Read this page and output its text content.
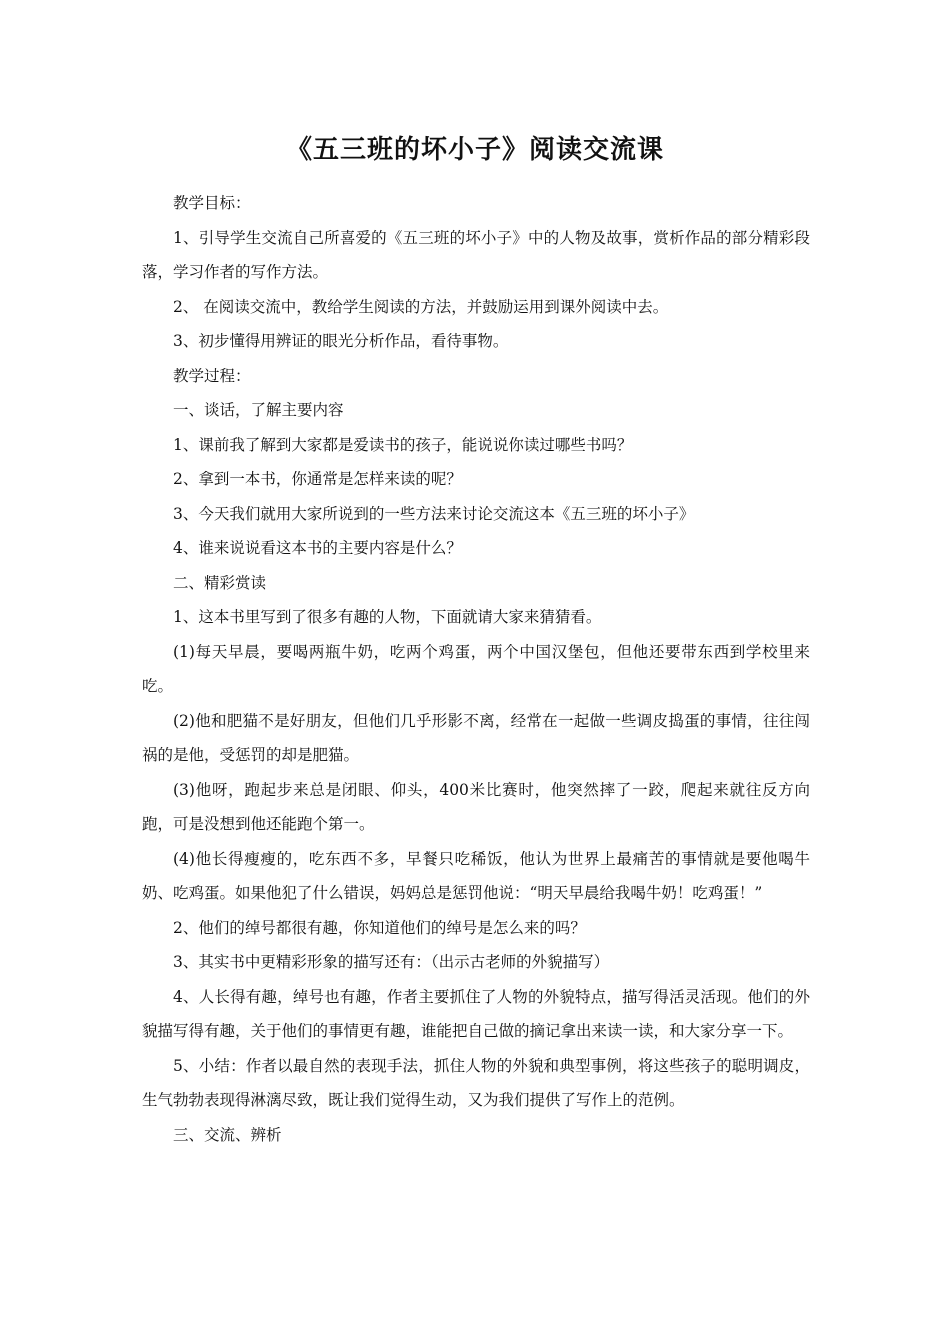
《五三班的坏小子》阅读交流课

教学目标：

1、引导学生交流自己所喜爱的《五三班的坏小子》中的人物及故事，赏析作品的部分精彩段落，学习作者的写作方法。

2、 在阅读交流中，教给学生阅读的方法，并鼓励运用到课外阅读中去。

3、初步懂得用辨证的眼光分析作品，看待事物。

教学过程：

一、谈话，了解主要内容

1、课前我了解到大家都是爱读书的孩子，能说说你读过哪些书吗？

2、拿到一本书，你通常是怎样来读的呢？

3、今天我们就用大家所说到的一些方法来讨论交流这本《五三班的坏小子》

4、谁来说说看这本书的主要内容是什么？

二、精彩赏读

1、这本书里写到了很多有趣的人物，下面就请大家来猜猜看。

(1)每天早晨，要喝两瓶牛奶，吃两个鸡蛋，两个中国汉堡包，但他还要带东西到学校里来吃。

(2)他和肥猫不是好朋友，但他们几乎形影不离，经常在一起做一些调皮捣蛋的事情，往往闯祸的是他，受惩罚的却是肥猫。

(3)他呀，跑起步来总是闭眼、仰头，400米比赛时，他突然摔了一跤，爬起来就往反方向跑，可是没想到他还能跑个第一。

(4)他长得瘦瘦的，吃东西不多，早餐只吃稀饭，他认为世界上最痛苦的事情就是要他喝牛奶、吃鸡蛋。如果他犯了什么错误，妈妈总是惩罚他说：“明天早晨给我喝牛奶！吃鸡蛋！”

2、他们的绰号都很有趣，你知道他们的绰号是怎么来的吗？

3、其实书中更精彩形象的描写还有：（出示古老师的外貌描写）

4、人长得有趣，绰号也有趣，作者主要抓住了人物的外貌特点，描写得活灵活现。他们的外貌描写得有趣，关于他们的事情更有趣，谁能把自己做的摘记拿出来读一读，和大家分享一下。

5、小结：作者以最自然的表现手法，抓住人物的外貌和典型事例，将这些孩子的聪明调皮，生气勃勃表现得淋漓尽致，既让我们觉得生动，又为我们提供了写作上的范例。

三、交流、辨析
